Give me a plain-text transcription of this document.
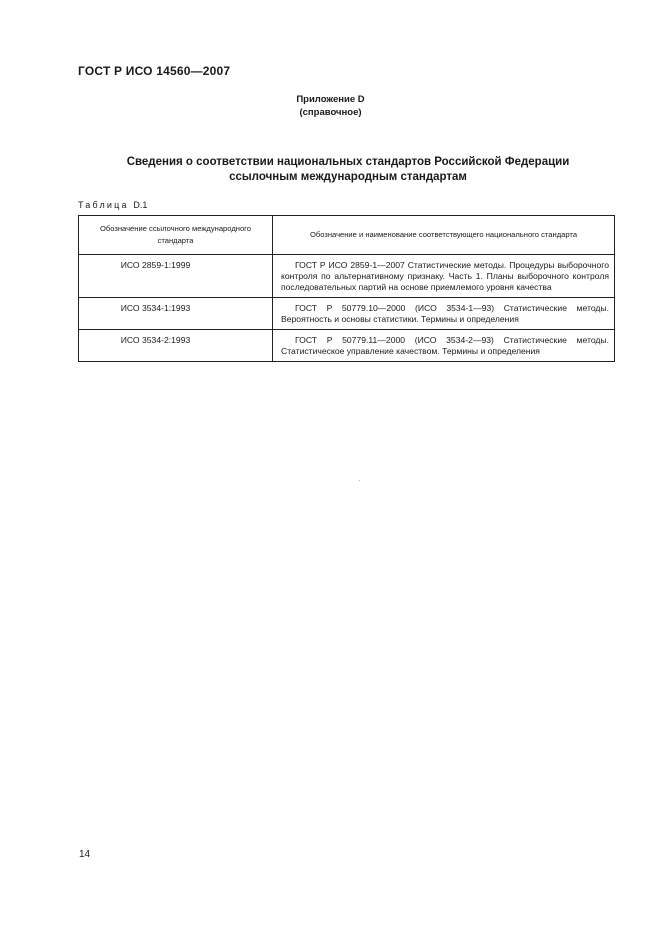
ГОСТ Р ИСО 14560—2007
Приложение D
(справочное)
Сведения о соответствии национальных стандартов Российской Федерации
ссылочным международным стандартам
Таблица D.1
Обозначение ссылочного международного стандарта	Обозначение и наименование соответствующего национального стандарта
ИСО 2859-1:1999	ГОСТ Р ИСО 2859-1—2007 Статистические методы. Процедуры выборочного контроля по альтернативному признаку. Часть 1. Планы выборочного контроля последовательных партий на основе приемлемого уровня качества
ИСО 3534-1:1993	ГОСТ Р 50779.10—2000 (ИСО 3534-1—93) Статистические методы. Вероятность и основы статистики. Термины и определения
ИСО 3534-2:1993	ГОСТ Р 50779.11—2000 (ИСО 3534-2—93) Статистические методы. Статистическое управление качеством. Термины и определения
14
